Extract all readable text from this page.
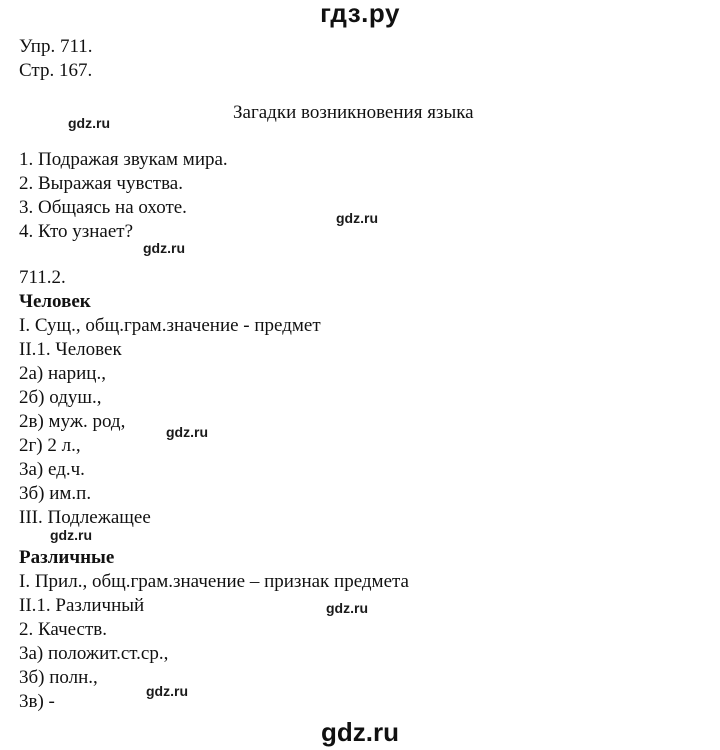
гдз.ру
Упр. 711.
Стр. 167.
gdz.ru	Загадки возникновения языка
1. Подражая звукам мира.
2. Выражая чувства.
3. Общаясь на охоте.	gdz.ru
4. Кто узнает?
gdz.ru
711.2.
Человек
I. Сущ., общ.грам.значение - предмет
II.1. Человек
2а) нариц.,
2б) одуш.,
2в) муж. род,	gdz.ru
2г) 2 л.,
3а) ед.ч.
3б) им.п.
III. Подлежащее
gdz.ru
Различные
I. Прил., общ.грам.значение – признак предмета
II.1. Различный	gdz.ru
2. Качеств.
3а) положит.ст.ср.,
3б) полн.,
gdz.ru
3в) -
gdz.ru
